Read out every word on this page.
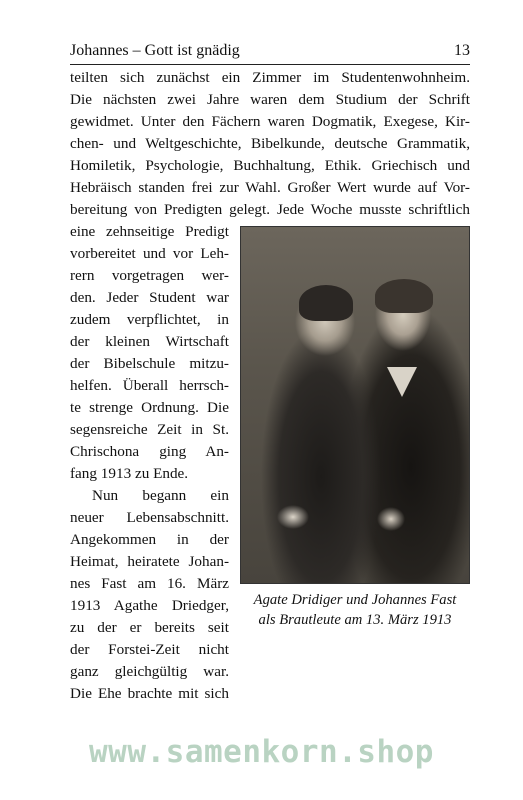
Johannes – Gott ist gnädig	13
teilten sich zunächst ein Zimmer im Studentenwohnheim.
Die nächsten zwei Jahre waren dem Studium der Schrift
gewidmet. Unter den Fächern waren Dogmatik, Exegese, Kir-
chen- und Weltgeschichte, Bibelkunde, deutsche Grammatik,
Homiletik, Psychologie, Buchhaltung, Ethik. Griechisch und
Hebräisch standen frei zur Wahl. Großer Wert wurde auf Vor-
bereitung von Predigten gelegt. Jede Woche musste schriftlich
eine zehnseitige Predigt
vorbereitet und vor Leh-
rern vorgetragen wer-
den. Jeder Student war
zudem verpflichtet, in
der kleinen Wirtschaft
der Bibelschule mitzu-
helfen. Überall herrsch-
te strenge Ordnung. Die
segensreiche Zeit in St.
Chrischona ging An-
fang 1913 zu Ende.
Nun begann ein
neuer Lebensabschnitt.
Angekommen in der
Heimat, heiratete Johan-
nes Fast am 16. März
1913 Agathe Driedger,
zu der er bereits seit
der Forstei-Zeit nicht
ganz gleichgültig war.
Die Ehe brachte mit sich
Agate Dridiger und Johannes Fast
als Brautleute am 13. März 1913
www.samenkorn.shop
